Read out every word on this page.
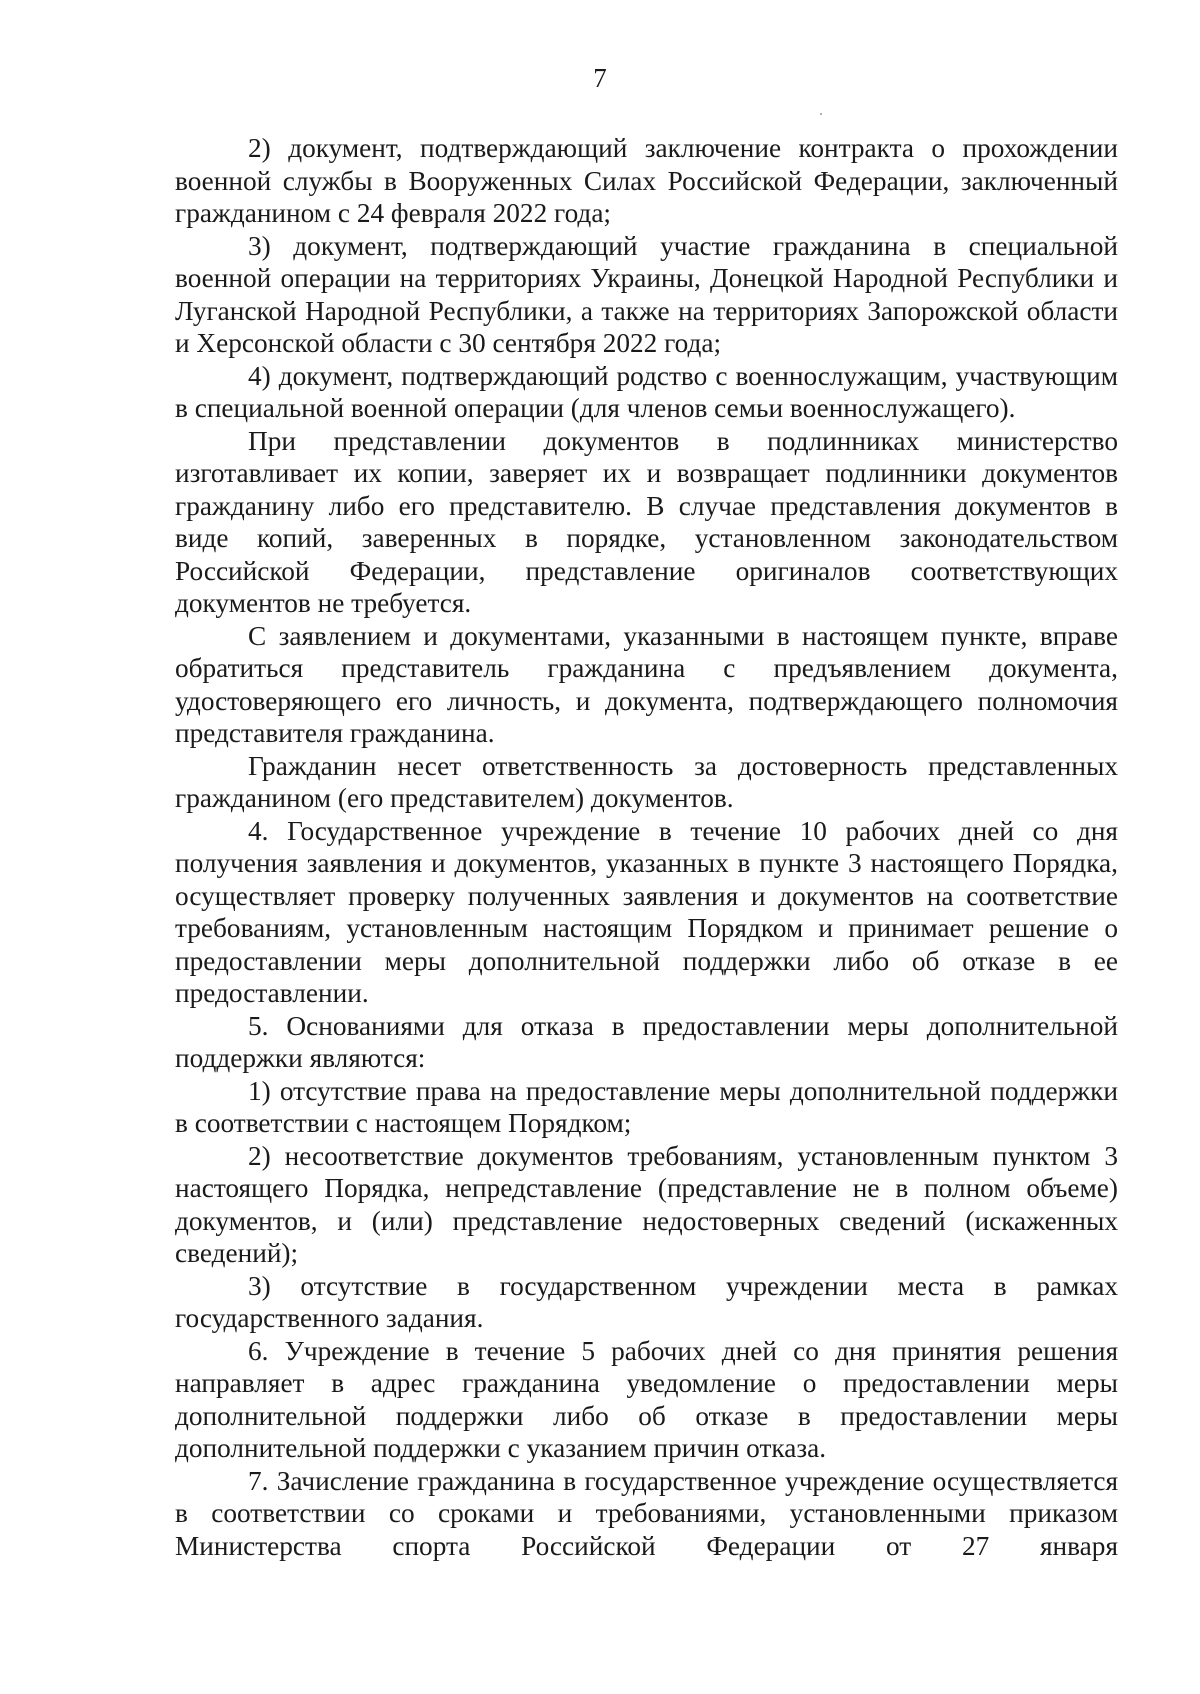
7

2) документ, подтверждающий заключение контракта о прохождении военной службы в Вооруженных Силах Российской Федерации, заключенный гражданином с 24 февраля 2022 года;

3) документ, подтверждающий участие гражданина в специальной военной операции на территориях Украины, Донецкой Народной Республики и Луганской Народной Республики, а также на территориях Запорожской области и Херсонской области с 30 сентября 2022 года;

4) документ, подтверждающий родство с военнослужащим, участвующим в специальной военной операции (для членов семьи военнослужащего).

При представлении документов в подлинниках министерство изготавливает их копии, заверяет их и возвращает подлинники документов гражданину либо его представителю. В случае представления документов в виде копий, заверенных в порядке, установленном законодательством Российской Федерации, представление оригиналов соответствующих документов не требуется.

С заявлением и документами, указанными в настоящем пункте, вправе обратиться представитель гражданина с предъявлением документа, удостоверяющего его личность, и документа, подтверждающего полномочия представителя гражданина.

Гражданин несет ответственность за достоверность представленных гражданином (его представителем) документов.

4. Государственное учреждение в течение 10 рабочих дней со дня получения заявления и документов, указанных в пункте 3 настоящего Порядка, осуществляет проверку полученных заявления и документов на соответствие требованиям, установленным настоящим Порядком и принимает решение о предоставлении меры дополнительной поддержки либо об отказе в ее предоставлении.

5. Основаниями для отказа в предоставлении меры дополнительной поддержки являются:

1) отсутствие права на предоставление меры дополнительной поддержки в соответствии с настоящем Порядком;

2) несоответствие документов требованиям, установленным пунктом 3 настоящего Порядка, непредставление (представление не в полном объеме) документов, и (или) представление недостоверных сведений (искаженных сведений);

3) отсутствие в государственном учреждении места в рамках государственного задания.

6. Учреждение в течение 5 рабочих дней со дня принятия решения направляет в адрес гражданина уведомление о предоставлении меры дополнительной поддержки либо об отказе в предоставлении меры дополнительной поддержки с указанием причин отказа.

7. Зачисление гражданина в государственное учреждение осуществляется в соответствии со сроками и требованиями, установленными приказом Министерства спорта Российской Федерации от 27 января
